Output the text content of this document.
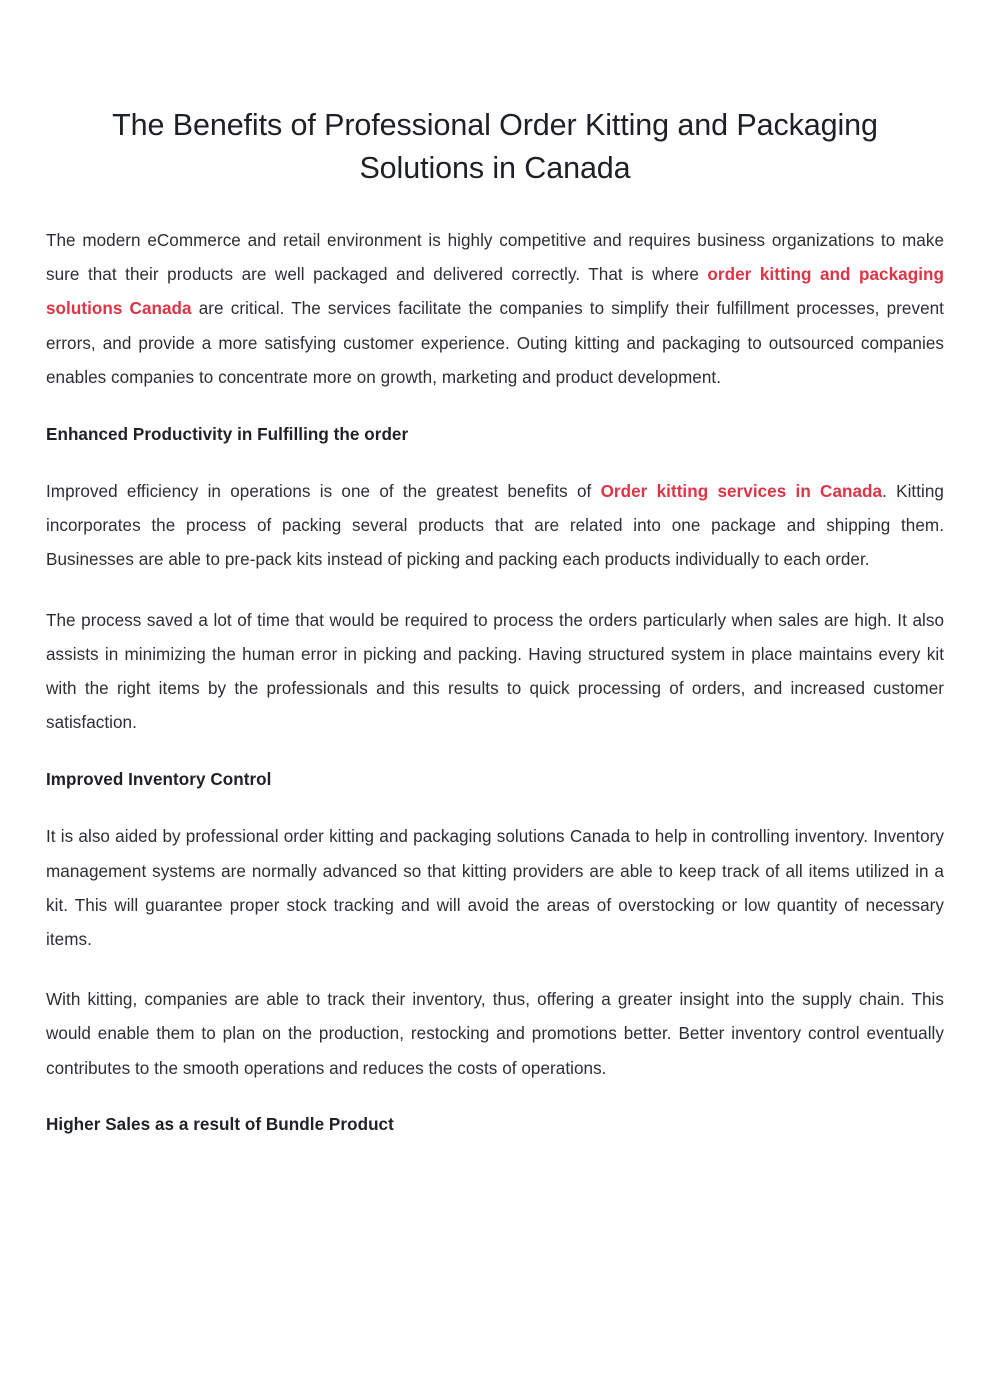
The Benefits of Professional Order Kitting and Packaging Solutions in Canada

The modern eCommerce and retail environment is highly competitive and requires business organizations to make sure that their products are well packaged and delivered correctly. That is where order kitting and packaging solutions Canada are critical. The services facilitate the companies to simplify their fulfillment processes, prevent errors, and provide a more satisfying customer experience. Outing kitting and packaging to outsourced companies enables companies to concentrate more on growth, marketing and product development.

Enhanced Productivity in Fulfilling the order

Improved efficiency in operations is one of the greatest benefits of Order kitting services in Canada. Kitting incorporates the process of packing several products that are related into one package and shipping them. Businesses are able to pre-pack kits instead of picking and packing each products individually to each order.

The process saved a lot of time that would be required to process the orders particularly when sales are high. It also assists in minimizing the human error in picking and packing. Having structured system in place maintains every kit with the right items by the professionals and this results to quick processing of orders, and increased customer satisfaction.

Improved Inventory Control

It is also aided by professional order kitting and packaging solutions Canada to help in controlling inventory. Inventory management systems are normally advanced so that kitting providers are able to keep track of all items utilized in a kit. This will guarantee proper stock tracking and will avoid the areas of overstocking or low quantity of necessary items.

With kitting, companies are able to track their inventory, thus, offering a greater insight into the supply chain. This would enable them to plan on the production, restocking and promotions better. Better inventory control eventually contributes to the smooth operations and reduces the costs of operations.

Higher Sales as a result of Bundle Product
